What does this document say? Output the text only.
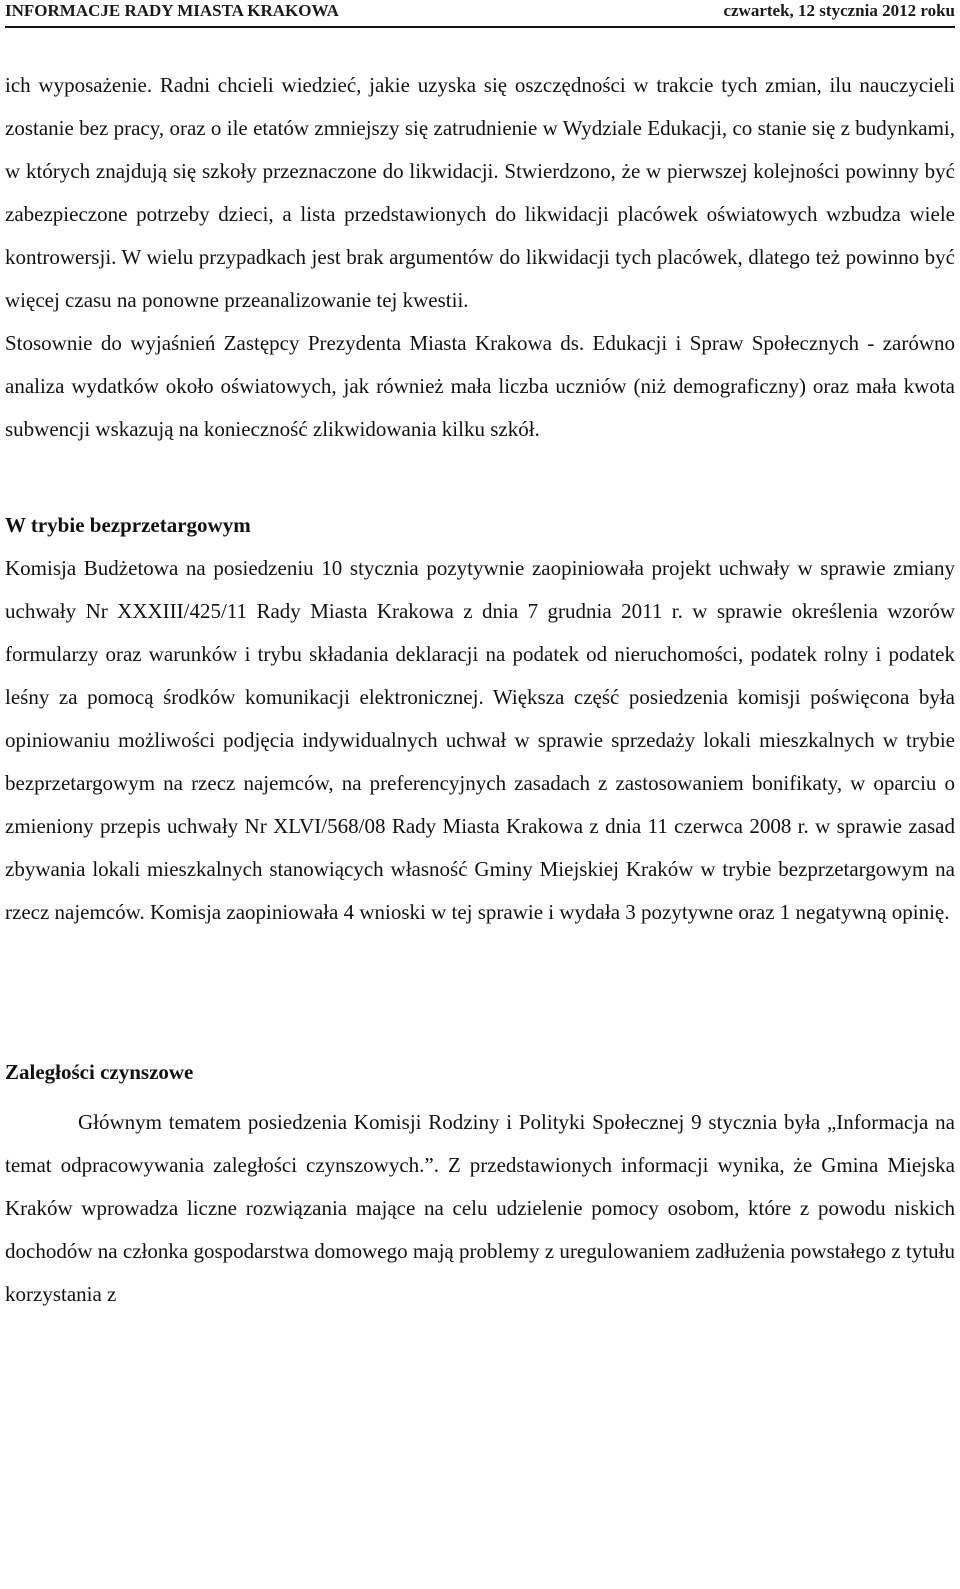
INFORMACJE RADY MIASTA KRAKOWA	czwartek, 12 stycznia 2012 roku

ich wyposażenie. Radni chcieli wiedzieć, jakie uzyska się oszczędności w trakcie tych zmian, ilu nauczycieli zostanie bez pracy, oraz o ile etatów zmniejszy się zatrudnienie w Wydziale Edukacji, co stanie się z budynkami, w których znajdują się szkoły przeznaczone do likwidacji. Stwierdzono, że w pierwszej kolejności powinny być zabezpieczone potrzeby dzieci, a lista przedstawionych do likwidacji placówek oświatowych wzbudza wiele kontrowersji. W wielu przypadkach jest brak argumentów do likwidacji tych placówek, dlatego też powinno być więcej czasu na ponowne przeanalizowanie tej kwestii.

Stosownie do wyjaśnień Zastępcy Prezydenta Miasta Krakowa ds. Edukacji i Spraw Społecznych - zarówno analiza wydatków około oświatowych, jak również mała liczba uczniów (niż demograficzny) oraz mała kwota subwencji wskazują na konieczność zlikwidowania kilku szkół.

W trybie bezprzetargowym

Komisja Budżetowa na posiedzeniu 10 stycznia pozytywnie zaopiniowała projekt uchwały w sprawie zmiany uchwały Nr XXXIII/425/11 Rady Miasta Krakowa z dnia 7 grudnia 2011 r. w sprawie określenia wzorów formularzy oraz warunków i trybu składania deklaracji na podatek od nieruchomości, podatek rolny i podatek leśny za pomocą środków komunikacji elektronicznej. Większa część posiedzenia komisji poświęcona była opiniowaniu możliwości podjęcia indywidualnych uchwał w sprawie sprzedaży lokali mieszkalnych w trybie bezprzetargowym na rzecz najemców, na preferencyjnych zasadach z zastosowaniem bonifikaty, w oparciu o zmieniony przepis uchwały Nr XLVI/568/08 Rady Miasta Krakowa z dnia 11 czerwca 2008 r. w sprawie zasad zbywania lokali mieszkalnych stanowiących własność Gminy Miejskiej Kraków w trybie bezprzetargowym na rzecz najemców. Komisja zaopiniowała 4 wnioski w tej sprawie i wydała 3 pozytywne oraz 1 negatywną opinię.

Zaległości czynszowe

Głównym tematem posiedzenia Komisji Rodziny i Polityki Społecznej 9 stycznia była „Informacja na temat odpracowywania zaległości czynszowych.”. Z przedstawionych informacji wynika, że Gmina Miejska Kraków wprowadza liczne rozwiązania mające na celu udzielenie pomocy osobom, które z powodu niskich dochodów na członka gospodarstwa domowego mają problemy z uregulowaniem zadłużenia powstałego z tytułu korzystania z
